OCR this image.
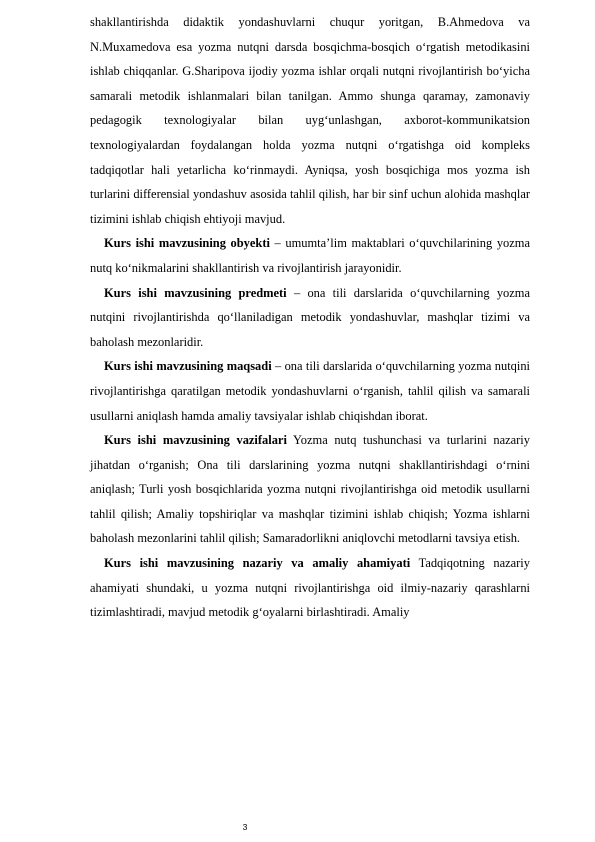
shakllantirishda didaktik yondashuvlarni chuqur yoritgan, B.Ahmedova va N.Muxamedova esa yozma nutqni darsda bosqichma-bosqich o‘rgatish metodikasini ishlab chiqqanlar. G.Sharipova ijodiy yozma ishlar orqali nutqni rivojlantirish bo‘yicha samarali metodik ishlanmalari bilan tanilgan. Ammo shunga qaramay, zamonaviy pedagogik texnologiyalar bilan uyg‘unlashgan, axborot-kommunikatsion texnologiyalardan foydalangan holda yozma nutqni o‘rgatishga oid kompleks tadqiqotlar hali yetarlicha ko‘rinmaydi. Ayniqsa, yosh bosqichiga mos yozma ish turlarini differensial yondashuv asosida tahlil qilish, har bir sinf uchun alohida mashqlar tizimini ishlab chiqish ehtiyoji mavjud.

Kurs ishi mavzusining obyekti – umumta’lim maktablari o‘quvchilarining yozma nutq ko‘nikmalarini shakllantirish va rivojlantirish jarayonidir.

Kurs ishi mavzusining predmeti – ona tili darslarida o‘quvchilarning yozma nutqini rivojlantirishda qo‘llaniladigan metodik yondashuvlar, mashqlar tizimi va baholash mezonlaridir.

Kurs ishi mavzusining maqsadi – ona tili darslarida o‘quvchilarning yozma nutqini rivojlantirishga qaratilgan metodik yondashuvlarni o‘rganish, tahlil qilish va samarali usullarni aniqlash hamda amaliy tavsiyalar ishlab chiqishdan iborat.

Kurs ishi mavzusining vazifalari Yozma nutq tushunchasi va turlarini nazariy jihatdan o‘rganish; Ona tili darslarining yozma nutqni shakllantirishdagi o‘rnini aniqlash; Turli yosh bosqichlarida yozma nutqni rivojlantirishga oid metodik usullarni tahlil qilish; Amaliy topshiriqlar va mashqlar tizimini ishlab chiqish; Yozma ishlarni baholash mezonlarini tahlil qilish; Samaradorlikni aniqlovchi metodlarni tavsiya etish.

Kurs ishi mavzusining nazariy va amaliy ahamiyati Tadqiqotning nazariy ahamiyati shundaki, u yozma nutqni rivojlantirishga oid ilmiy-nazariy qarashlarni tizimlashtiradi, mavjud metodik g‘oyalarni birlashtiradi. Amaliy

3
